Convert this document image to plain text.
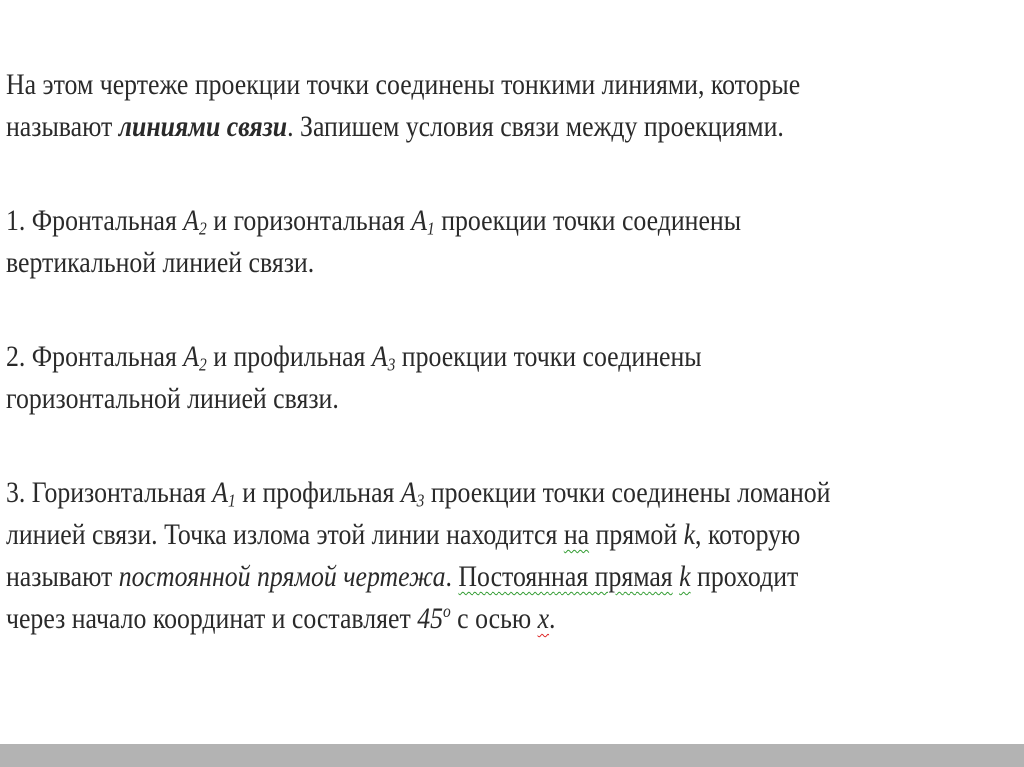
На этом чертеже проекции точки соединены тонкими линиями, которые
называют линиями связи. Запишем условия связи между проекциями.

1. Фронтальная $A_2$ и горизонтальная $A_1$ проекции точки соединены
вертикальной линией связи.

2. Фронтальная $A_2$ и профильная $A_3$ проекции точки соединены
горизонтальной линией связи.

3. Горизонтальная $A_1$ и профильная $A_3$ проекции точки соединены ломаной
линией связи. Точка излома этой линии находится на прямой k, которую
называют постоянной прямой чертежа. Постоянная прямая k проходит
через начало координат и составляет 45$^o$ с осью x.
